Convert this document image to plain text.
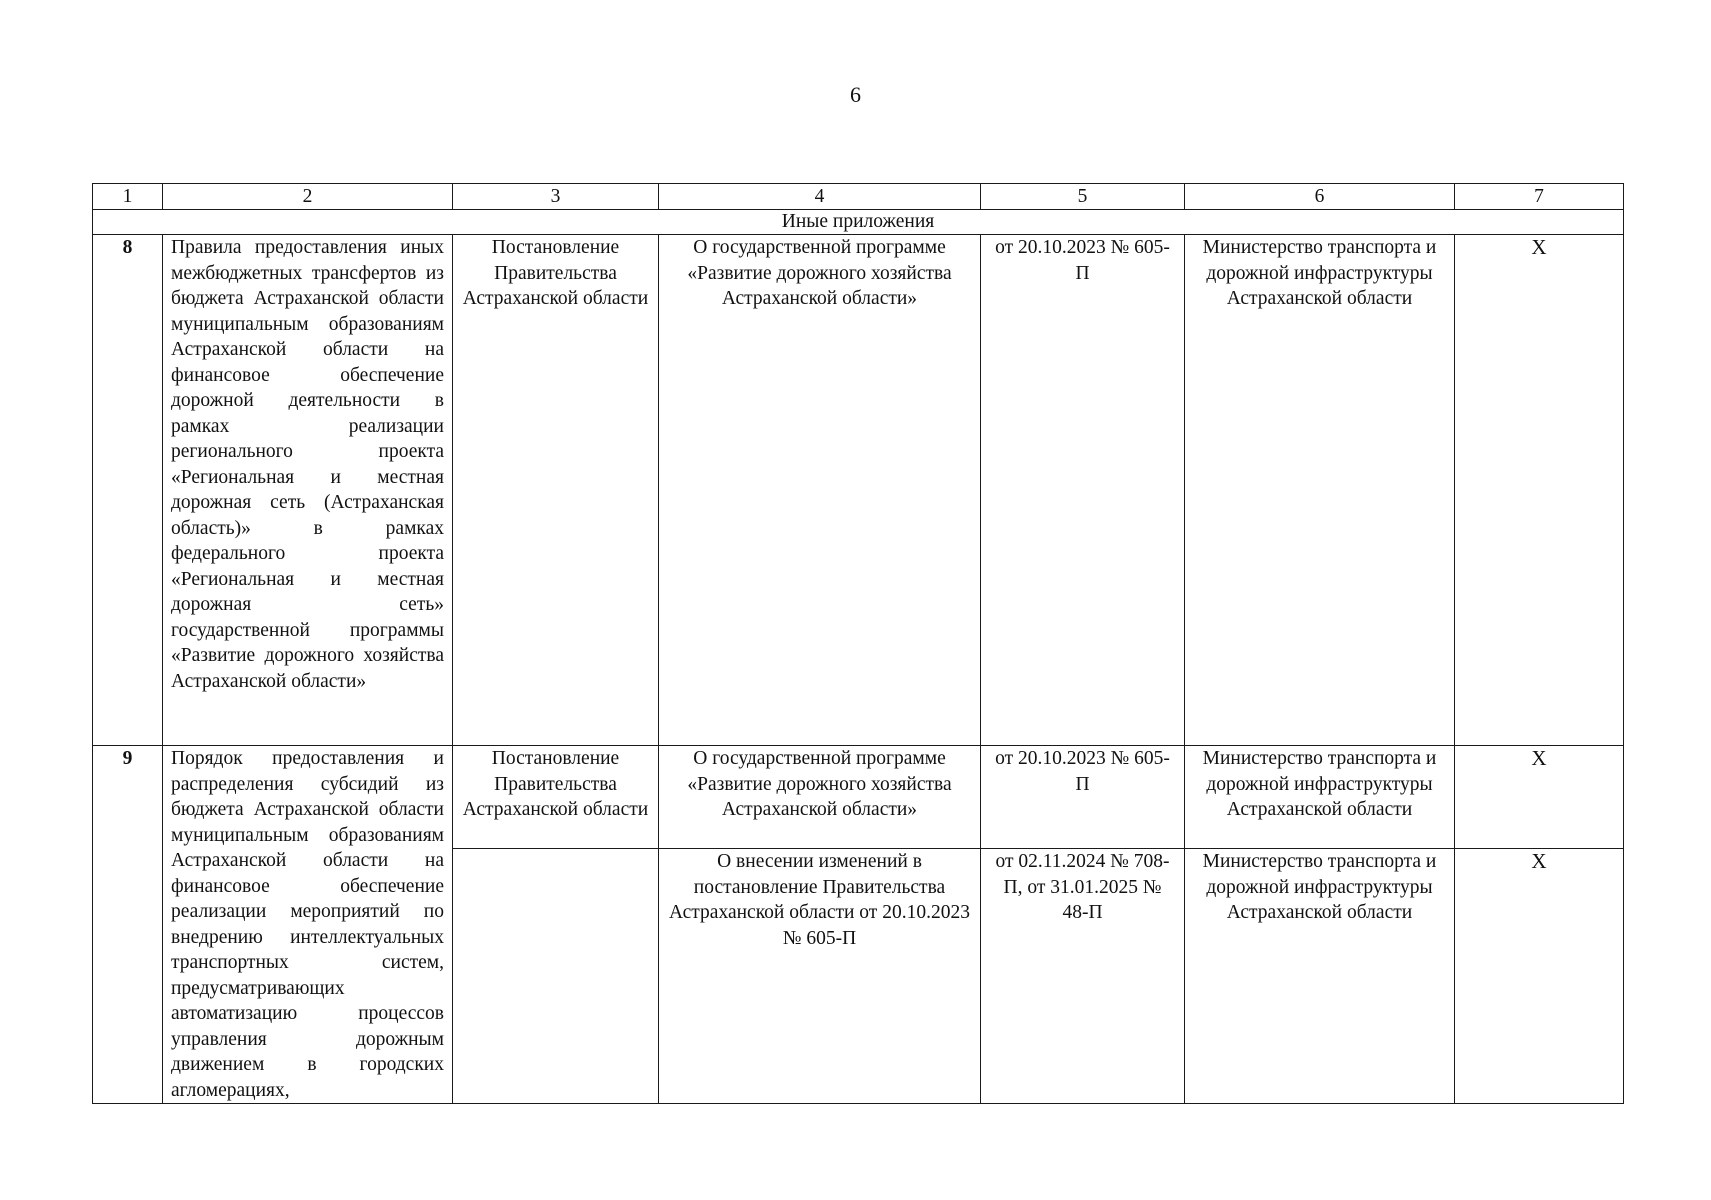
6
1	2	3	4	5	6	7
Иные приложения						
8	Правила предоставления иных межбюджетных трансфертов из бюджета Астраханской области муниципальным образованиям Астраханской области на финансовое обеспечение дорожной деятельности в рамках реализации регионального проекта «Региональная и местная дорожная сеть (Астраханская область)» в рамках федерального проекта «Региональная и местная дорожная сеть» государственной программы «Развитие дорожного хозяйства Астраханской области»	Постановление Правительства Астраханской области	О государственной программе «Развитие дорожного хозяйства Астраханской области»	от 20.10.2023 № 605-П	Министерство транспорта и дорожной инфраструктуры Астраханской области	X
9	Порядок предоставления и распределения субсидий из бюджета Астраханской области муниципальным образованиям Астраханской области на финансовое обеспечение реализации мероприятий по внедрению интеллектуальных транспортных систем, предусматривающих автоматизацию процессов управления дорожным движением в городских агломерациях,	Постановление Правительства Астраханской области	О государственной программе «Развитие дорожного хозяйства Астраханской области»	от 20.10.2023 № 605-П	Министерство транспорта и дорожной инфраструктуры Астраханской области	X
			О внесении изменений в постановление Правительства Астраханской области от 20.10.2023 № 605-П	от 02.11.2024 № 708-П, от 31.01.2025 № 48-П	Министерство транспорта и дорожной инфраструктуры Астраханской области	X
